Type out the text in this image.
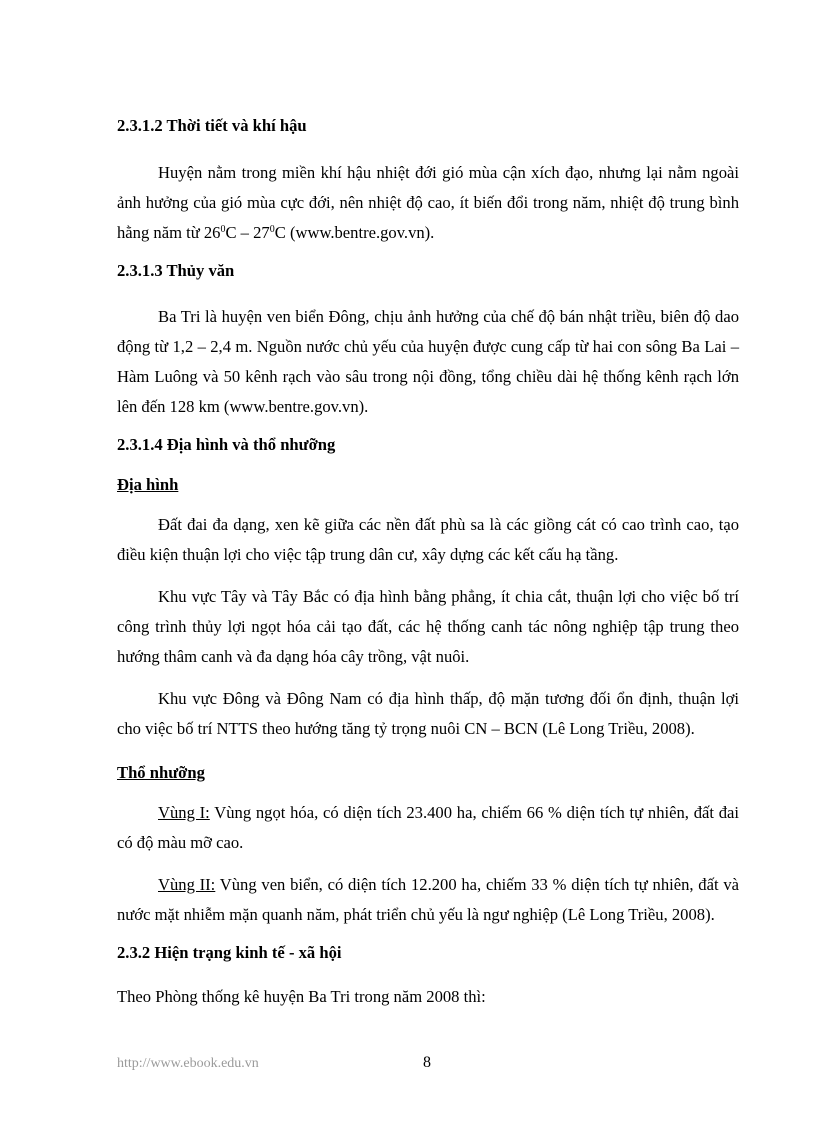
2.3.1.2 Thời tiết và khí hậu

Huyện nằm trong miền khí hậu nhiệt đới gió mùa cận xích đạo, nhưng lại nằm ngoài ảnh hưởng của gió mùa cực đới, nên nhiệt độ cao, ít biến đổi trong năm, nhiệt độ trung bình hằng năm từ $26^0C - 27^0C$ (www.bentre.gov.vn).

2.3.1.3 Thủy văn

Ba Tri là huyện ven biển Đông, chịu ảnh hưởng của chế độ bán nhật triều, biên độ dao động từ 1,2 – 2,4 m. Nguồn nước chủ yếu của huyện được cung cấp từ hai con sông Ba Lai – Hàm Luông và 50 kênh rạch vào sâu trong nội đồng, tổng chiều dài hệ thống kênh rạch lớn lên đến 128 km (www.bentre.gov.vn).

2.3.1.4 Địa hình và thổ nhưỡng

Địa hình

Đất đai đa dạng, xen kẽ giữa các nền đất phù sa là các giồng cát có cao trình cao, tạo điều kiện thuận lợi cho việc tập trung dân cư, xây dựng các kết cấu hạ tầng.

Khu vực Tây và Tây Bắc có địa hình bằng phẳng, ít chia cắt, thuận lợi cho việc bố trí công trình thủy lợi ngọt hóa cải tạo đất, các hệ thống canh tác nông nghiệp tập trung theo hướng thâm canh và đa dạng hóa cây trồng, vật nuôi.

Khu vực Đông và Đông Nam có địa hình thấp, độ mặn tương đối ổn định, thuận lợi cho việc bố trí NTTS theo hướng tăng tỷ trọng nuôi CN – BCN (Lê Long Triều, 2008).

Thổ nhưỡng

Vùng I: Vùng ngọt hóa, có diện tích 23.400 ha, chiếm 66 % diện tích tự nhiên, đất đai có độ màu mỡ cao.

Vùng II: Vùng ven biển, có diện tích 12.200 ha, chiếm 33 % diện tích tự nhiên, đất và nước mặt nhiễm mặn quanh năm, phát triển chủ yếu là ngư nghiệp (Lê Long Triều, 2008).

2.3.2 Hiện trạng kinh tế - xã hội

Theo Phòng thống kê huyện Ba Tri trong năm 2008 thì:

http://www.ebook.edu.vn	8
